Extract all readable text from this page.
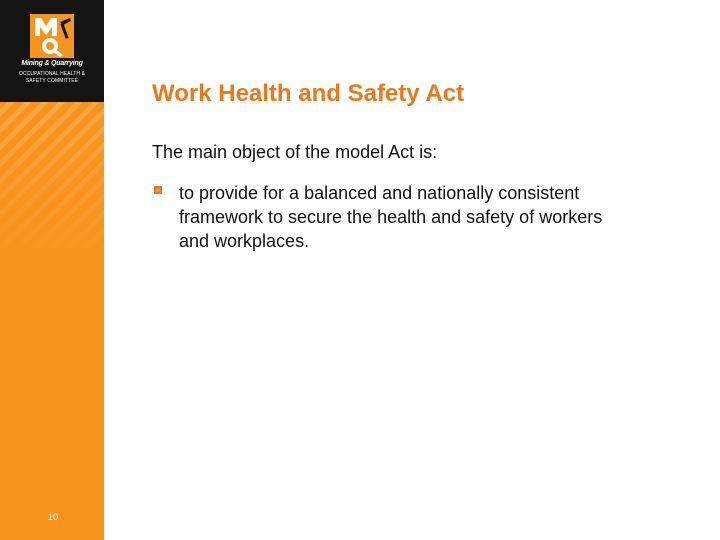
Mining & Quarrying
OCCUPATIONAL HEALTH &
SAFETY COMMITTEE
10
Work Health and Safety Act
The main object of the model Act is:
to provide for a balanced and nationally consistent
framework to secure the health and safety of workers
and workplaces.
